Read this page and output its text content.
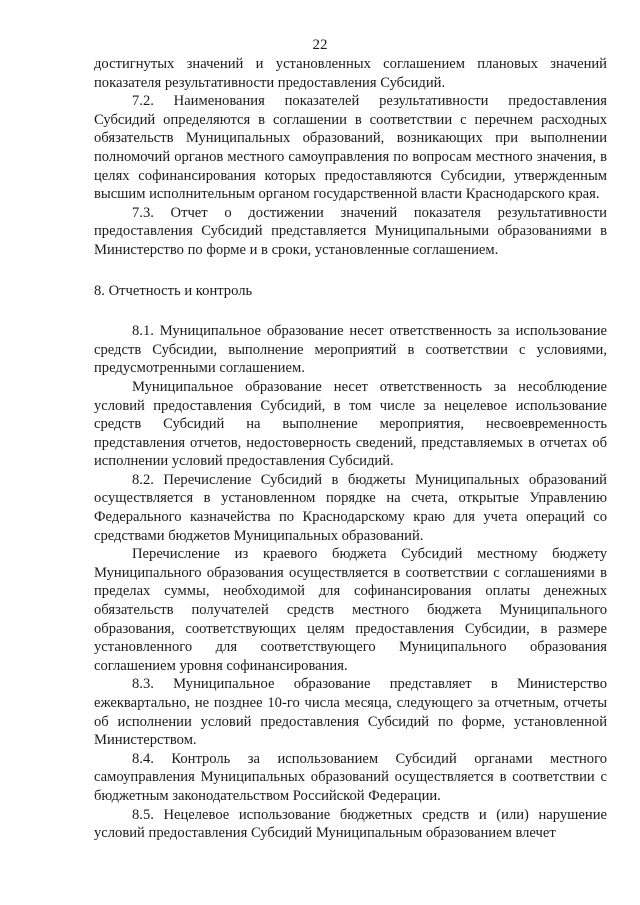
22

достигнутых значений и установленных соглашением плановых значений показателя результативности предоставления Субсидий.

7.2. Наименования показателей результативности предоставления Субсидий определяются в соглашении в соответствии с перечнем расходных обязательств Муниципальных образований, возникающих при выполнении полномочий органов местного самоуправления по вопросам местного значения, в целях софинансирования которых предоставляются Субсидии, утвержденным высшим исполнительным органом государственной власти Краснодарского края.

7.3. Отчет о достижении значений показателя результативности предоставления Субсидий представляется Муниципальными образованиями в Министерство по форме и в сроки, установленные соглашением.

8. Отчетность и контроль

8.1. Муниципальное образование несет ответственность за использование средств Субсидии, выполнение мероприятий в соответствии с условиями, предусмотренными соглашением.

Муниципальное образование несет ответственность за несоблюдение условий предоставления Субсидий, в том числе за нецелевое использование средств Субсидий на выполнение мероприятия, несвоевременность представления отчетов, недостоверность сведений, представляемых в отчетах об исполнении условий предоставления Субсидий.

8.2. Перечисление Субсидий в бюджеты Муниципальных образований осуществляется в установленном порядке на счета, открытые Управлению Федерального казначейства по Краснодарскому краю для учета операций со средствами бюджетов Муниципальных образований.

Перечисление из краевого бюджета Субсидий местному бюджету Муниципального образования осуществляется в соответствии с соглашениями в пределах суммы, необходимой для софинансирования оплаты денежных обязательств получателей средств местного бюджета Муниципального образования, соответствующих целям предоставления Субсидии, в размере установленного для соответствующего Муниципального образования соглашением уровня софинансирования.

8.3. Муниципальное образование представляет в Министерство ежеквартально, не позднее 10-го числа месяца, следующего за отчетным, отчеты об исполнении условий предоставления Субсидий по форме, установленной Министерством.

8.4. Контроль за использованием Субсидий органами местного самоуправления Муниципальных образований осуществляется в соответствии с бюджетным законодательством Российской Федерации.

8.5. Нецелевое использование бюджетных средств и (или) нарушение условий предоставления Субсидий Муниципальным образованием влечет
